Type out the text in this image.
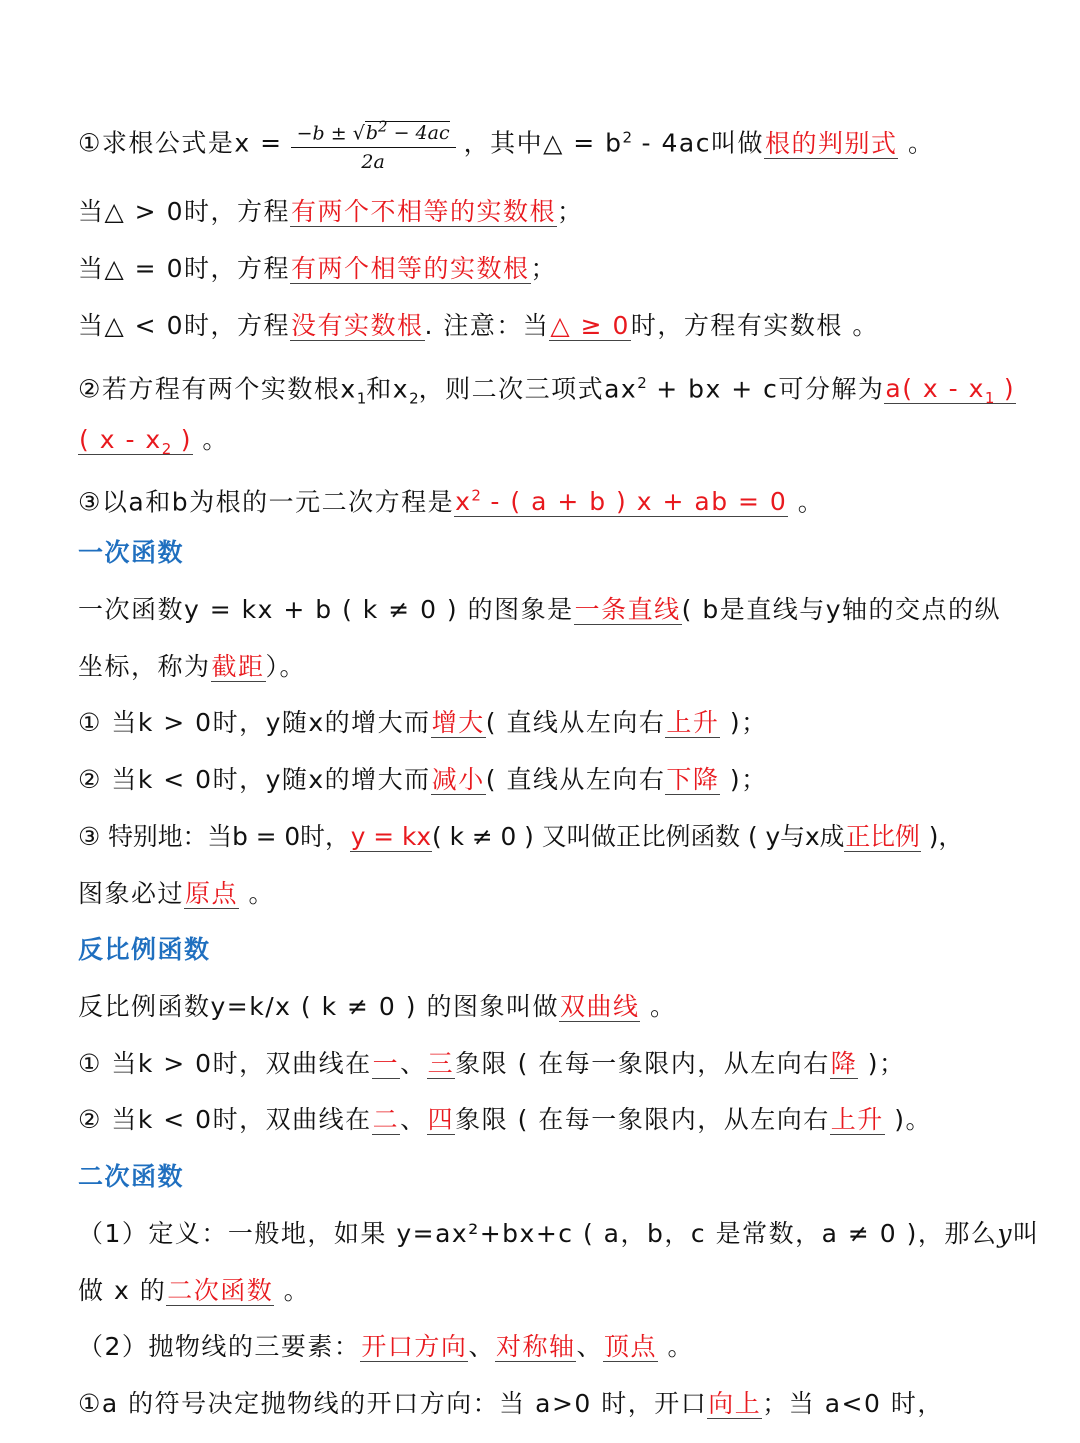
①求根公式是$x = \frac{-b \pm √b^2 - 4ac}{2a}$ ，其中△ = $b^2 - 4ac$叫做根的判别式 。
当△ > 0时，方程有两个不相等的实数根；
当△ = 0时，方程有两个相等的实数根；
当△ < 0时，方程没有实数根. 注意：当△ ≥ 0时，方程有实数根 。
②若方程有两个实数根$x_1$和$x_2$，则二次三项式$ax^2$ + bx + c可分解为a( x - $x_1$ )
( x - $x_2$ ) 。
③以a和b为根的一元二次方程是$x^2$ - ( a + b ) x + ab = 0 。
一次函数
一次函数y = kx + b ( k ≠ 0 ) 的图象是一条直线( b是直线与y轴的交点的纵
坐标，称为截距）。
① 当k > 0时，y随x的增大而增大( 直线从左向右上升 )；
② 当k < 0时，y随x的增大而减小( 直线从左向右下降 )；
③ 特别地：当b = 0时，y = kx( k ≠ 0 ) 又叫做正比例函数 ( y与x成正比例 )，
图象必过原点 。
反比例函数
反比例函数y=k/x ( k ≠ 0 ) 的图象叫做双曲线 。
① 当k > 0时，双曲线在一、三象限 ( 在每一象限内，从左向右降 )；
② 当k < 0时，双曲线在二、四象限 ( 在每一象限内，从左向右上升 )。
二次函数
（1）定义：一般地，如果 y=ax²+bx+c ( a，b，c 是常数，a ≠ 0 )，那么y叫
做 x 的二次函数 。
（2）抛物线的三要素：开口方向、对称轴、顶点 。
①a 的符号决定抛物线的开口方向：当 a>0 时，开口向上；当 a<0 时，
